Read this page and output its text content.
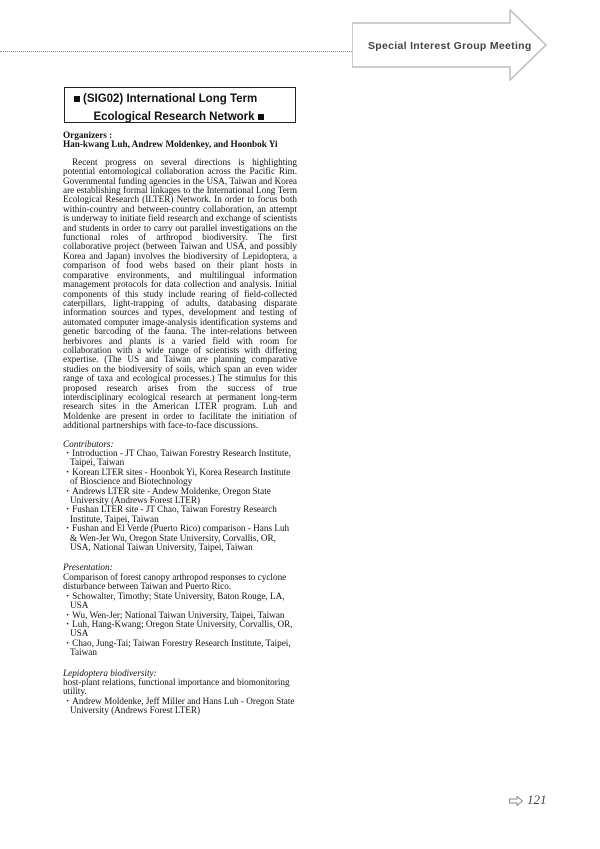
Special Interest Group Meeting
(SIG02) International Long Term
Ecological Research Network
Organizers :
Han-kwang Luh, Andrew Moldenkey, and Hoonbok Yi
Recent progress on several directions is highlighting potential entomological collaboration across the Pacific Rim. Governmental funding agencies in the USA, Taiwan and Korea are establishing formal linkages to the International Long Term Ecological Research (ILTER) Network. In order to focus both within-country and between-country collaboration, an attempt is underway to initiate field research and exchange of scientists and students in order to carry out parallel investigations on the functional roles of arthropod biodiversity. The first collaborative project (between Taiwan and USA, and possibly Korea and Japan) involves the biodiversity of Lepidoptera, a comparison of food webs based on their plant hosts in comparative environments, and multilingual information management protocols for data collection and analysis. Initial components of this study include rearing of field-collected caterpillars, light-trapping of adults, databasing disparate information sources and types, development and testing of automated computer image-analysis identification systems and genetic barcoding of the fauna. The inter-relations between herbivores and plants is a varied field with room for collaboration with a wide range of scientists with differing expertise. (The US and Taiwan are planning comparative studies on the biodiversity of soils, which span an even wider range of taxa and ecological processes.) The stimulus for this proposed research arises from the success of true interdisciplinary ecological research at permanent long-term research sites in the American LTER program. Luh and Moldenke are present in order to facilitate the initiation of additional partnerships with face-to-face discussions.
Contributors:
・Introduction - JT Chao, Taiwan Forestry Research Institute, Taipei, Taiwan
・Korean LTER sites - Hoonbok Yi, Korea Research Institute of Bioscience and Biotechnology
・Andrews LTER site - Andew Moldenke, Oregon State University (Andrews Forest LTER)
・Fushan LTER site - JT Chao, Taiwan Forestry Research Institute, Taipei, Taiwan
・Fushan and El Verde (Puerto Rico) comparison - Hans Luh & Wen-Jer Wu, Oregon State University, Corvallis, OR, USA, National Taiwan University, Taipei, Taiwan
Presentation:
Comparison of forest canopy arthropod responses to cyclone disturbance between Taiwan and Puerto Rico.
・Schowalter, Timothy; State University, Baton Rouge, LA, USA
・Wu, Wen-Jer; National Taiwan University, Taipei, Taiwan
・Luh, Hang-Kwang; Oregon State University, Corvallis, OR, USA
・Chao, Jung-Tai; Taiwan Forestry Research Institute, Taipei, Taiwan
Lepidoptera biodiversity:
host-plant relations, functional importance and biomonitoring utility.
・Andrew Moldenke, Jeff Miller and Hans Luh - Oregon State University (Andrews Forest LTER)
121
